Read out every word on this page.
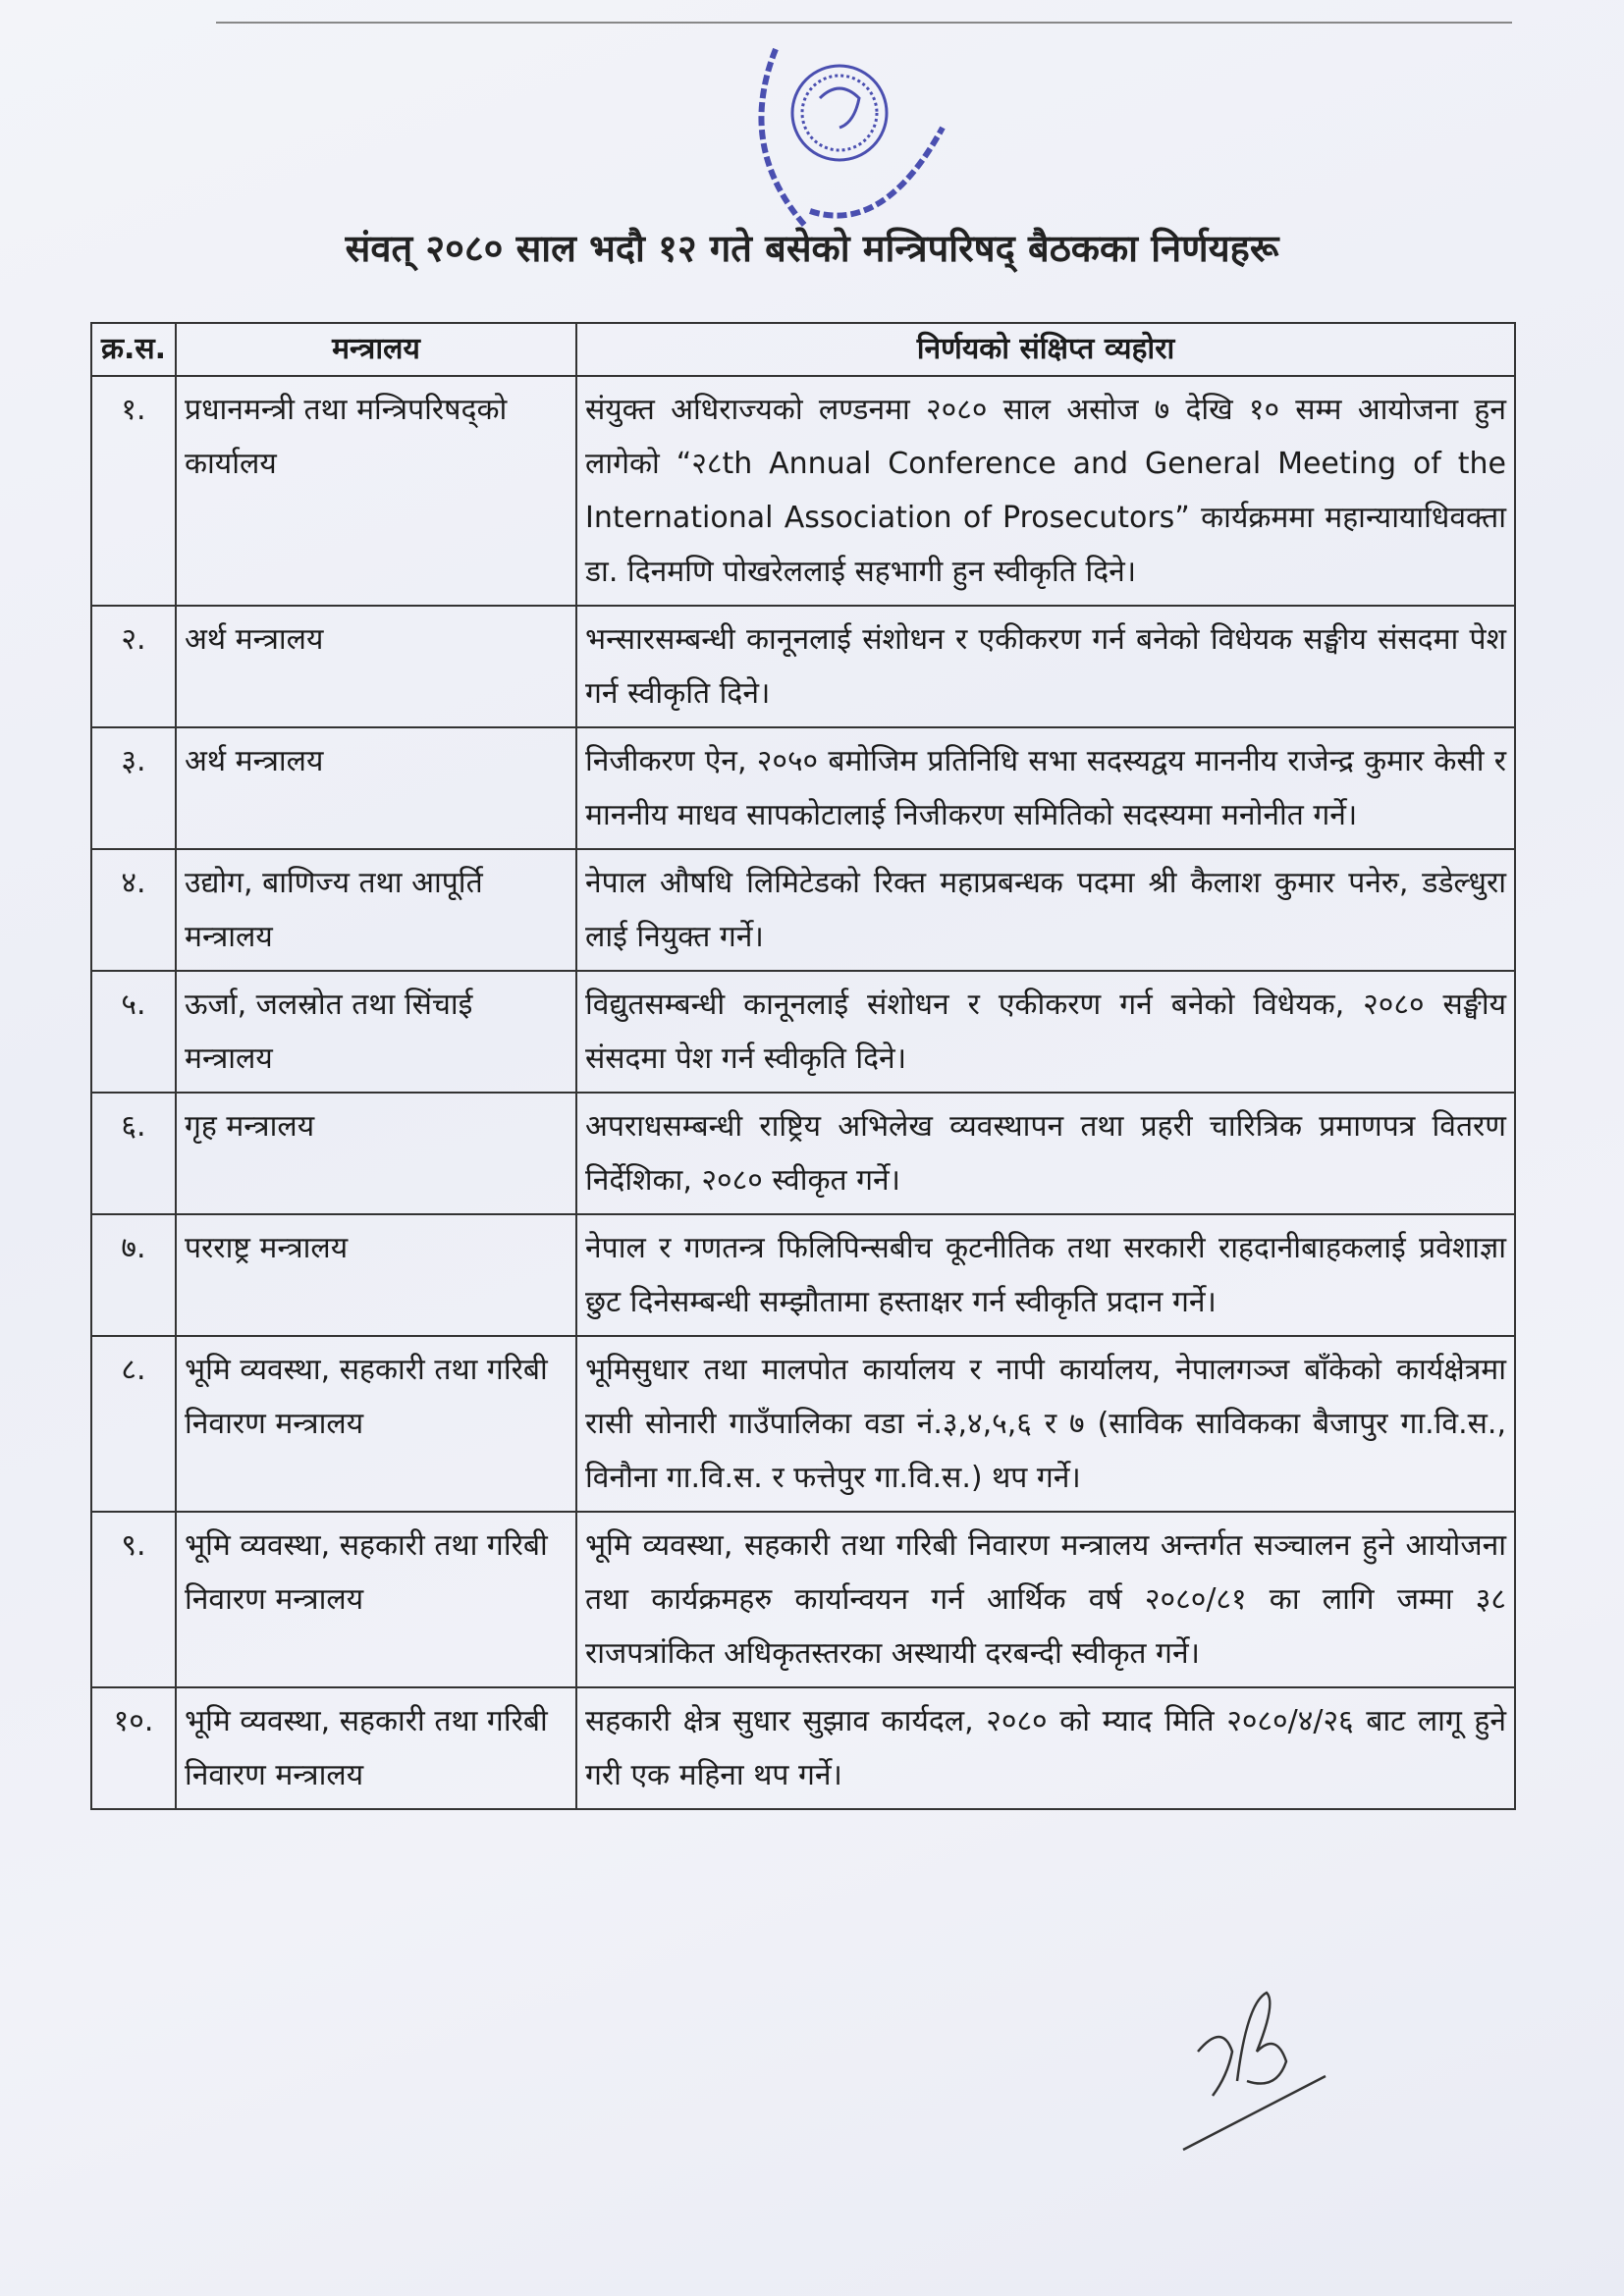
संवत् २०८० साल भदौ १२ गते बसेको मन्त्रिपरिषद् बैठकका निर्णयहरू
क्र.स.	मन्त्रालय	निर्णयको संक्षिप्त व्यहोरा
१.	प्रधानमन्त्री तथा मन्त्रिपरिषद्को कार्यालय	संयुक्त अधिराज्यको लण्डनमा २०८० साल असोज ७ देखि १० सम्म आयोजना हुन लागेको “२८th Annual Conference and General Meeting of the International Association of Prosecutors” कार्यक्रममा महान्यायाधिवक्ता डा. दिनमणि पोखरेललाई सहभागी हुन स्वीकृति दिने।
२.	अर्थ मन्त्रालय	भन्सारसम्बन्धी कानूनलाई संशोधन र एकीकरण गर्न बनेको विधेयक सङ्घीय संसदमा पेश गर्न स्वीकृति दिने।
३.	अर्थ मन्त्रालय	निजीकरण ऐन, २०५० बमोजिम प्रतिनिधि सभा सदस्यद्वय माननीय राजेन्द्र कुमार केसी र माननीय माधव सापकोटालाई निजीकरण समितिको सदस्यमा मनोनीत गर्ने।
४.	उद्योग, बाणिज्य तथा आपूर्ति मन्त्रालय	नेपाल औषधि लिमिटेडको रिक्त महाप्रबन्धक पदमा श्री कैलाश कुमार पनेरु, डडेल्धुरा लाई नियुक्त गर्ने।
५.	ऊर्जा, जलस्रोत तथा सिंचाई मन्त्रालय	विद्युतसम्बन्धी कानूनलाई संशोधन र एकीकरण गर्न बनेको विधेयक, २०८० सङ्घीय संसदमा पेश गर्न स्वीकृति दिने।
६.	गृह मन्त्रालय	अपराधसम्बन्धी राष्ट्रिय अभिलेख व्यवस्थापन तथा प्रहरी चारित्रिक प्रमाणपत्र वितरण निर्देशिका, २०८० स्वीकृत गर्ने।
७.	परराष्ट्र मन्त्रालय	नेपाल र गणतन्त्र फिलिपिन्सबीच कूटनीतिक तथा सरकारी राहदानीबाहकलाई प्रवेशाज्ञा छुट दिनेसम्बन्धी सम्झौतामा हस्ताक्षर गर्न स्वीकृति प्रदान गर्ने।
८.	भूमि व्यवस्था, सहकारी तथा गरिबी निवारण मन्त्रालय	भूमिसुधार तथा मालपोत कार्यालय र नापी कार्यालय, नेपालगञ्ज बाँकेको कार्यक्षेत्रमा रासी सोनारी गाउँपालिका वडा नं.३,४,५,६ र ७ (साविक साविकका बैजापुर गा.वि.स., विनौना गा.वि.स. र फत्तेपुर गा.वि.स.) थप गर्ने।
९.	भूमि व्यवस्था, सहकारी तथा गरिबी निवारण मन्त्रालय	भूमि व्यवस्था, सहकारी तथा गरिबी निवारण मन्त्रालय अन्तर्गत सञ्चालन हुने आयोजना तथा कार्यक्रमहरु कार्यान्वयन गर्न आर्थिक वर्ष २०८०/८१ का लागि जम्मा ३८ राजपत्रांकित अधिकृतस्तरका अस्थायी दरबन्दी स्वीकृत गर्ने।
१०.	भूमि व्यवस्था, सहकारी तथा गरिबी निवारण मन्त्रालय	सहकारी क्षेत्र सुधार सुझाव कार्यदल, २०८० को म्याद मिति २०८०/४/२६ बाट लागू हुने गरी एक महिना थप गर्ने।
